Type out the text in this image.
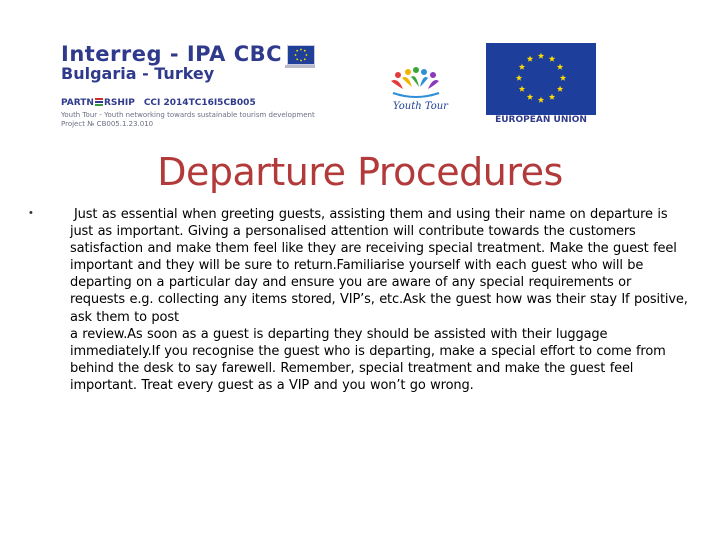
Interreg - IPA CBC
Bulgaria - Turkey
PARTN RSHIP CCI 2014TC16I5CB005
Youth Tour - Youth networking towards sustainable tourism development
Project № CB005.1.23.010
Youth Tour
EUROPEAN UNION
Departure Procedures
•	Just as essential when greeting guests, assisting them and using their name on departure is just as important. Giving a personalised attention will contribute towards the customers satisfaction and make them feel like they are receiving special treatment. Make the guest feel important and they will be sure to return.Familiarise yourself with each guest who will be departing on a particular day and ensure you are aware of any special requirements or requests e.g. collecting any items stored, VIP’s, etc.Ask the guest how was their stay If positive, ask them to post
a review.As soon as a guest is departing they should be assisted with their luggage immediately.If you recognise the guest who is departing, make a special effort to come from behind the desk to say farewell. Remember, special treatment and make the guest feel important. Treat every guest as a VIP and you won’t go wrong.
